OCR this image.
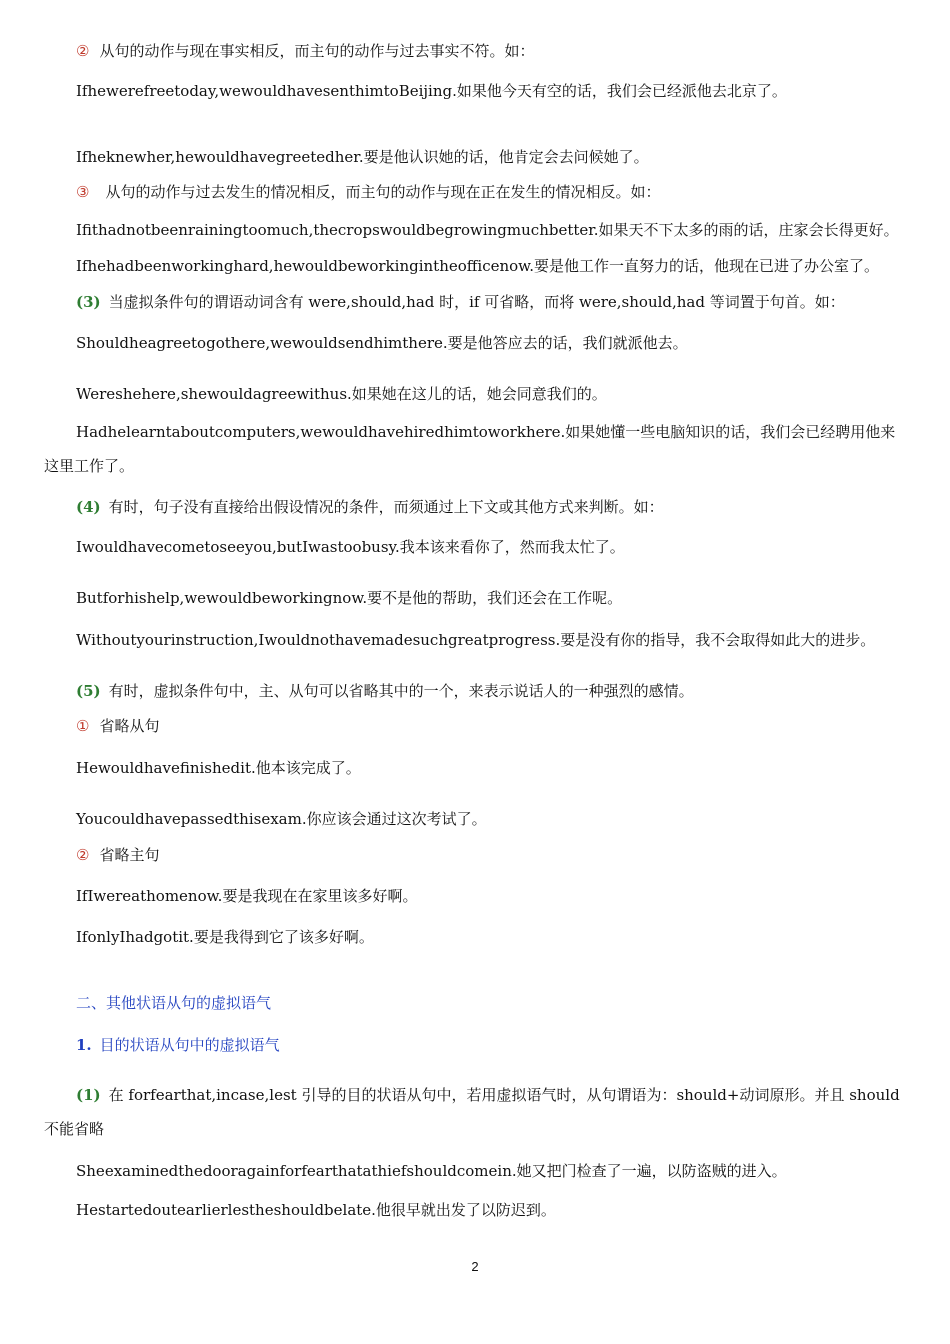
② 从句的动作与现在事实相反，而主句的动作与过去事实不符。如：
Ifhewerefreetoday,wewouldhavesenthimtoBeijing.如果他今天有空的话，我们会已经派他去北京了。
Ifheknewher,hewouldhavegreetedher.要是他认识她的话，他肯定会去问候她了。
③ 从句的动作与过去发生的情况相反，而主句的动作与现在正在发生的情况相反。如：
Ifithadnotbeenrainingtoomuch,thecropswouldbegrowingmuchbetter.如果天不下太多的雨的话，庄家会长得更好。
Ifhehadbeenworkinghard,hewouldbeworkingintheofficenow.要是他工作一直努力的话，他现在已进了办公室了。
(3) 当虚拟条件句的谓语动词含有 were,should,had 时，if 可省略，而将 were,should,had 等词置于句首。如：
Shouldheagreetogothere,wewouldsendhimthere.要是他答应去的话，我们就派他去。
Wereshehere,shewouldagreewithus.如果她在这儿的话，她会同意我们的。
Hadhelearntaboutcomputers,wewouldhavehiredhimtoworkhere.如果她懂一些电脑知识的话，我们会已经聘用他来这里工作了。
(4) 有时，句子没有直接给出假设情况的条件，而须通过上下文或其他方式来判断。如：
Iwouldhavecometoseeyou,butIwastoobusy.我本该来看你了，然而我太忙了。
Butforhishelp,wewouldbeworkingnow.要不是他的帮助，我们还会在工作呢。
Withoutyourinstruction,Iwouldnothavemadesuchgreatprogress.要是没有你的指导，我不会取得如此大的进步。
(5) 有时，虚拟条件句中，主、从句可以省略其中的一个，来表示说话人的一种强烈的感情。
① 省略从句
Hewouldhavefinishedit.他本该完成了。
Youcouldhavepassedthisexam.你应该会通过这次考试了。
② 省略主句
IfIwereathomenow.要是我现在在家里该多好啊。
IfonlyIhadgotit.要是我得到它了该多好啊。
二、其他状语从句的虚拟语气
1. 目的状语从句中的虚拟语气
(1) 在 forfearthat,incase,lest 引导的目的状语从句中，若用虚拟语气时，从句谓语为：should+动词原形。并且 should 不能省略
Sheexaminedthedooragainforfearthatathiefshouldcomein.她又把门检查了一遍，以防盗贼的进入。
Hestartedoutearlierlestheshouldbelate.他很早就出发了以防迟到。
2
